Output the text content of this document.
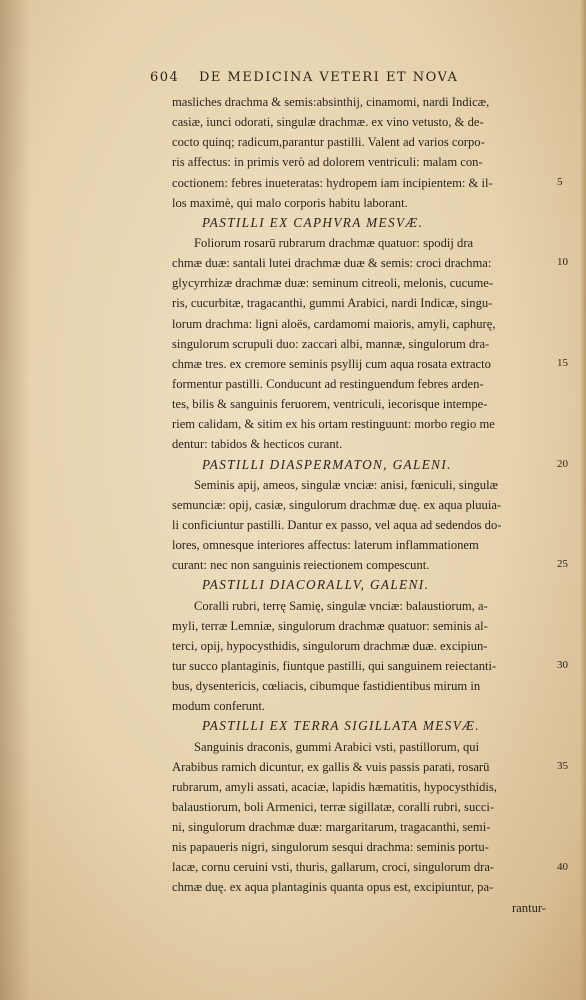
604 DE MEDICINA VETERI ET NOVA
masliches drachma & semis:absinthij, cinamomi, nardi Indicæ,
casiæ, iunci odorati, singulæ drachmæ. ex vino vetusto, & de-
cocto quinq; radicum,parantur pastilli. Valent ad varios corpo-
ris affectus: in primis verò ad dolorem ventriculi: malam con-
coctionem: febres inueteratas: hydropem iam incipientem: & il-
los maximè, qui malo corporis habitu laborant.
PASTILLI EX CAPHVRA MESVÆ.
Foliorum rosarū rubrarum drachmæ quatuor: spodij dra
chmæ duæ: santali lutei drachmæ duæ & semis: croci drachma:
glycyrrhizæ drachmæ duæ: seminum citreoli, melonis, cucume-
ris, cucurbitæ, tragacanthi, gummi Arabici, nardi Indicæ, singu-
lorum drachma: ligni aloës, cardamomi maioris, amyli, caphurę,
singulorum scrupuli duo: zaccari albi, mannæ, singulorum dra-
chmæ tres. ex cremore seminis psyllij cum aqua rosata extracto
formentur pastilli. Conducunt ad restinguendum febres arden-
tes, bilis & sanguinis feruorem, ventriculi, iecorisque intempe-
riem calidam, & sitim ex his ortam restinguunt: morbo regio me
dentur: tabidos & hecticos curant.
PASTILLI DIASPERMATON, GALENI.
Seminis apij, ameos, singulæ vnciæ: anisi, fœniculi, singulæ
semunciæ: opij, casiæ, singulorum drachmæ duę. ex aqua pluuia-
li conficiuntur pastilli. Dantur ex passo, vel aqua ad sedendos do-
lores, omnesque interiores affectus: laterum inflammationem
curant: nec non sanguinis reiectionem compescunt.
PASTILLI DIACORALLV, GALENI.
Coralli rubri, terrę Samię, singulæ vnciæ: balaustiorum, a-
myli, terræ Lemniæ, singulorum drachmæ quatuor: seminis al-
terci, opij, hypocysthidis, singulorum drachmæ duæ. excipiun-
tur succo plantaginis, fiuntque pastilli, qui sanguinem reiectanti-
bus, dysentericis, cœliacis, cibumque fastidientibus mirum in
modum conferunt.
PASTILLI EX TERRA SIGILLATA MESVÆ.
Sanguinis draconis, gummi Arabici vsti, pastillorum, qui
Arabibus ramich dicuntur, ex gallis & vuis passis parati, rosarū
rubrarum, amyli assati, acaciæ, lapidis hæmatitis, hypocysthidis,
balaustiorum, boli Armenici, terræ sigillatæ, coralli rubri, succi-
ni, singulorum drachmæ duæ: margaritarum, tragacanthi, semi-
nis papaueris nigri, singulorum sesqui drachma: seminis portu-
lacæ, cornu ceruini vsti, thuris, gallarum, croci, singulorum dra-
chmæ duę. ex aqua plantaginis quanta opus est, excipiuntur, pa-
rantur-
5
10
15
20
25
30
35
40
